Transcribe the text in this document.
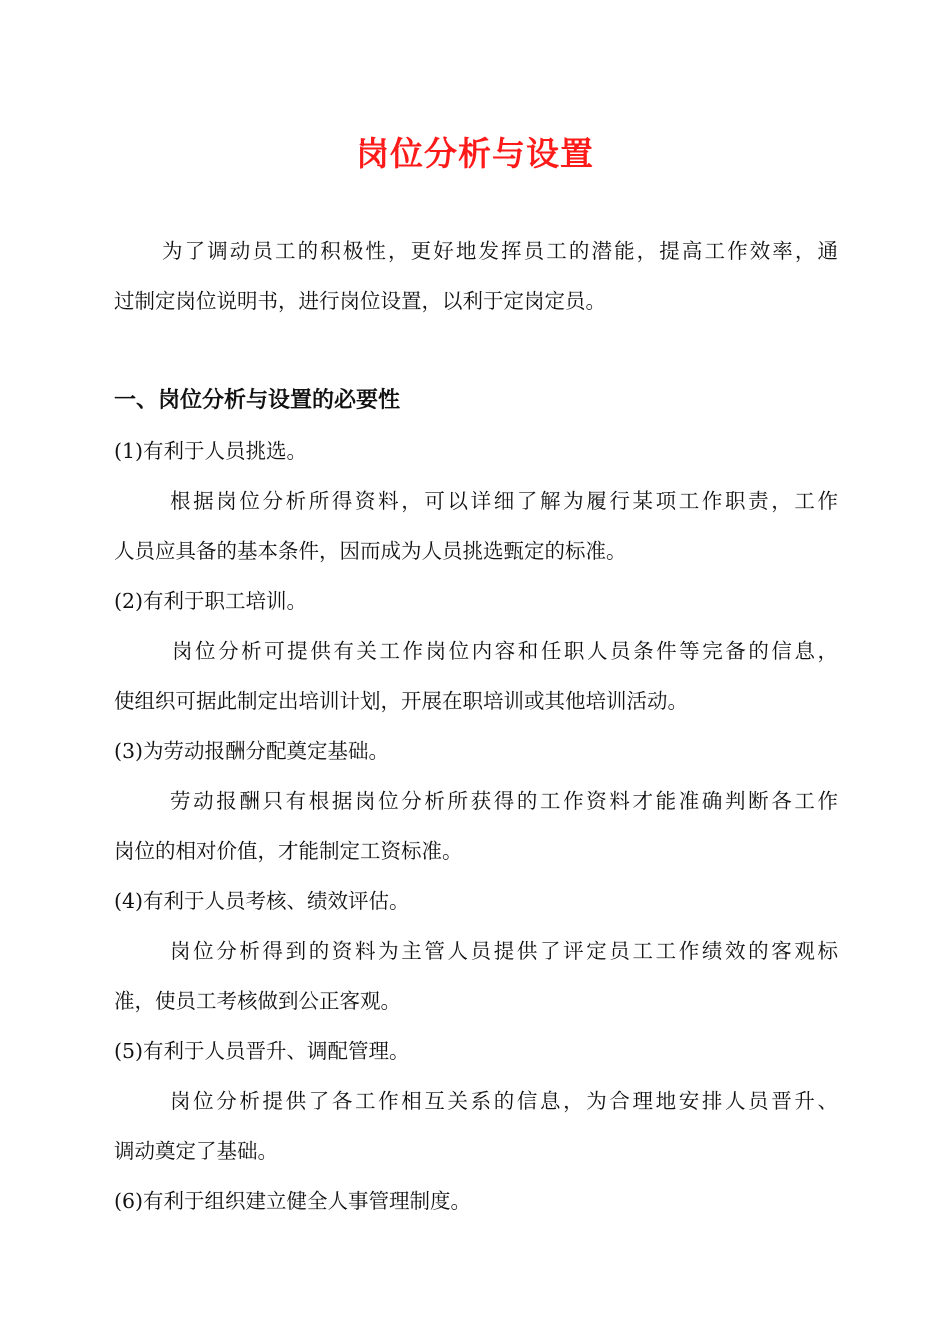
岗位分析与设置
为了调动员工的积极性，更好地发挥员工的潜能，提高工作效率，通
过制定岗位说明书，进行岗位设置，以利于定岗定员。
一、岗位分析与设置的必要性
(1)有利于人员挑选。
根据岗位分析所得资料，可以详细了解为履行某项工作职责，工作
人员应具备的基本条件，因而成为人员挑选甄定的标准。
(2)有利于职工培训。
岗位分析可提供有关工作岗位内容和任职人员条件等完备的信息，
使组织可据此制定出培训计划，开展在职培训或其他培训活动。
(3)为劳动报酬分配奠定基础。
劳动报酬只有根据岗位分析所获得的工作资料才能准确判断各工作
岗位的相对价值，才能制定工资标准。
(4)有利于人员考核、绩效评估。
岗位分析得到的资料为主管人员提供了评定员工工作绩效的客观标
准，使员工考核做到公正客观。
(5)有利于人员晋升、调配管理。
岗位分析提供了各工作相互关系的信息，为合理地安排人员晋升、
调动奠定了基础。
(6)有利于组织建立健全人事管理制度。
